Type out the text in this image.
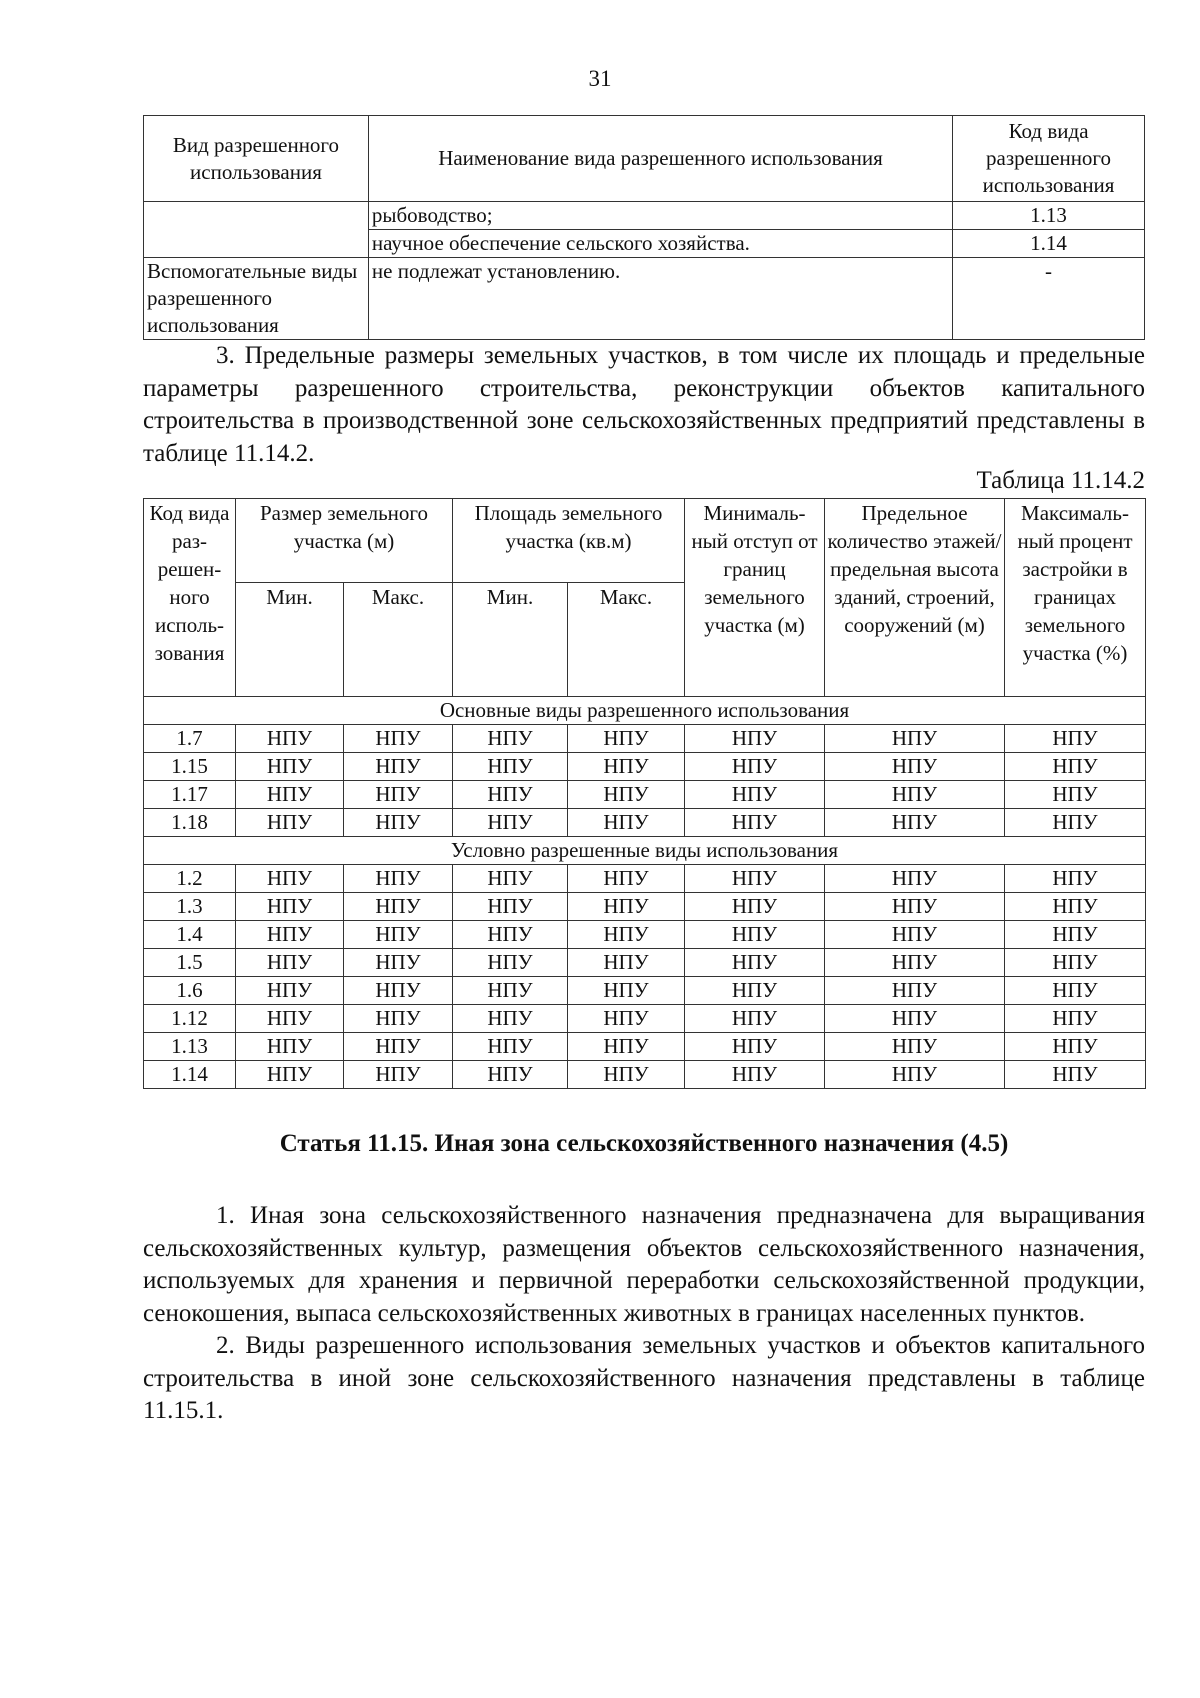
31
Вид разрешенного использования	Наименование вида разрешенного использования	Код вида разрешенного использования
	рыбоводство;	1.13
	научное обеспечение сельского хозяйства.	1.14
Вспомогательные виды разрешенного использования	не подлежат установлению.	-

3. Предельные размеры земельных участков, в том числе их площадь и предельные параметры разрешенного строительства, реконструкции объектов капитального строительства в производственной зоне сельскохозяйственных предприятий представлены в таблице 11.14.2.

Таблица 11.14.2
Код вида раз- решен- ного исполь- зования	Размер земельного участка (м)		Площадь земельного участка (кв.м)		Минималь- ный отступ от границ земельного участка (м)	Предельное количество этажей/ предельная высота зданий, строений, сооружений (м)	Максималь- ный процент застройки в границах земельного участка (%)
	Мин.	Макс.	Мин.	Макс.			
Основные виды разрешенного использования							
1.7	НПУ	НПУ	НПУ	НПУ	НПУ	НПУ	НПУ
1.15	НПУ	НПУ	НПУ	НПУ	НПУ	НПУ	НПУ
1.17	НПУ	НПУ	НПУ	НПУ	НПУ	НПУ	НПУ
1.18	НПУ	НПУ	НПУ	НПУ	НПУ	НПУ	НПУ
Условно разрешенные виды использования							
1.2	НПУ	НПУ	НПУ	НПУ	НПУ	НПУ	НПУ
1.3	НПУ	НПУ	НПУ	НПУ	НПУ	НПУ	НПУ
1.4	НПУ	НПУ	НПУ	НПУ	НПУ	НПУ	НПУ
1.5	НПУ	НПУ	НПУ	НПУ	НПУ	НПУ	НПУ
1.6	НПУ	НПУ	НПУ	НПУ	НПУ	НПУ	НПУ
1.12	НПУ	НПУ	НПУ	НПУ	НПУ	НПУ	НПУ
1.13	НПУ	НПУ	НПУ	НПУ	НПУ	НПУ	НПУ
1.14	НПУ	НПУ	НПУ	НПУ	НПУ	НПУ	НПУ
Статья 11.15. Иная зона сельскохозяйственного назначения (4.5)

1. Иная зона сельскохозяйственного назначения предназначена для выращивания сельскохозяйственных культур, размещения объектов сельскохозяйственного назначения, используемых для хранения и первичной переработки сельскохозяйственной продукции, сенокошения, выпаса сельскохозяйственных животных в границах населенных пунктов.

2. Виды разрешенного использования земельных участков и объектов капитального строительства в иной зоне сельскохозяйственного назначения представлены в таблице 11.15.1.
